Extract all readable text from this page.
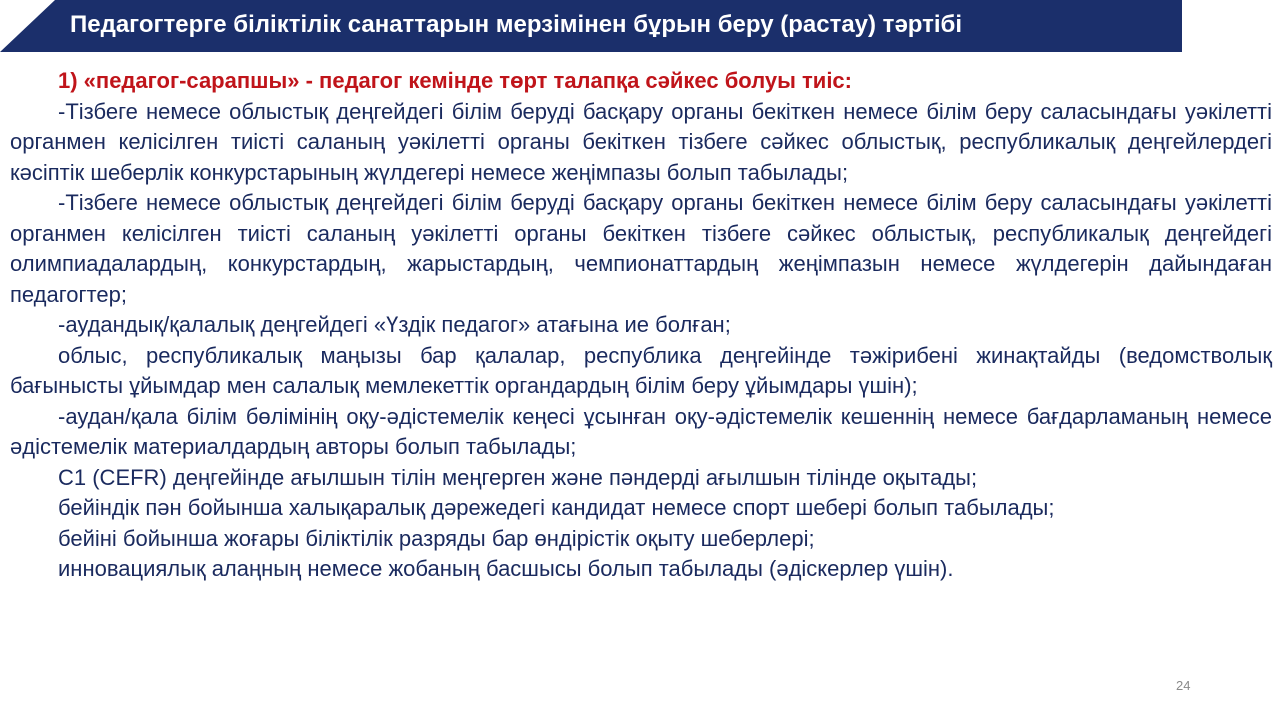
Педагогтерге біліктілік санаттарын мерзімінен бұрын беру (растау) тәртібі

1) «педагог-сарапшы» - педагог кемінде төрт талапқа сәйкес болуы тиіс:

-Тізбеге немесе облыстық деңгейдегі білім беруді басқару органы бекіткен немесе білім беру саласындағы уәкілетті органмен келісілген тиісті саланың уәкілетті органы бекіткен тізбеге сәйкес облыстық, республикалық деңгейлердегі кәсіптік шеберлік конкурстарының жүлдегері немесе жеңімпазы болып табылады;

-Тізбеге немесе облыстық деңгейдегі білім беруді басқару органы бекіткен немесе білім беру саласындағы уәкілетті органмен келісілген тиісті саланың уәкілетті органы бекіткен тізбеге сәйкес облыстық, республикалық деңгейдегі олимпиадалардың, конкурстардың, жарыстардың, чемпионаттардың жеңімпазын немесе жүлдегерін дайындаған педагогтер;

-аудандық/қалалық деңгейдегі «Үздік педагог» атағына ие болған;

облыс, республикалық маңызы бар қалалар, республика деңгейінде тәжірибені жинақтайды (ведомстволық бағынысты ұйымдар мен салалық мемлекеттік органдардың білім беру ұйымдары үшін);

-аудан/қала білім бөлімінің оқу-әдістемелік кеңесі ұсынған оқу-әдістемелік кешеннің немесе бағдарламаның немесе әдістемелік материалдардың авторы болып табылады;

С1 (CEFR) деңгейінде ағылшын тілін меңгерген және пәндерді ағылшын тілінде оқытады;

бейіндік пән бойынша халықаралық дәрежедегі кандидат немесе спорт шебері болып табылады;

бейіні бойынша жоғары біліктілік разряды бар өндірістік оқыту шеберлері;

инновациялық алаңның немесе жобаның басшысы болып табылады (әдіскерлер үшін).

24
